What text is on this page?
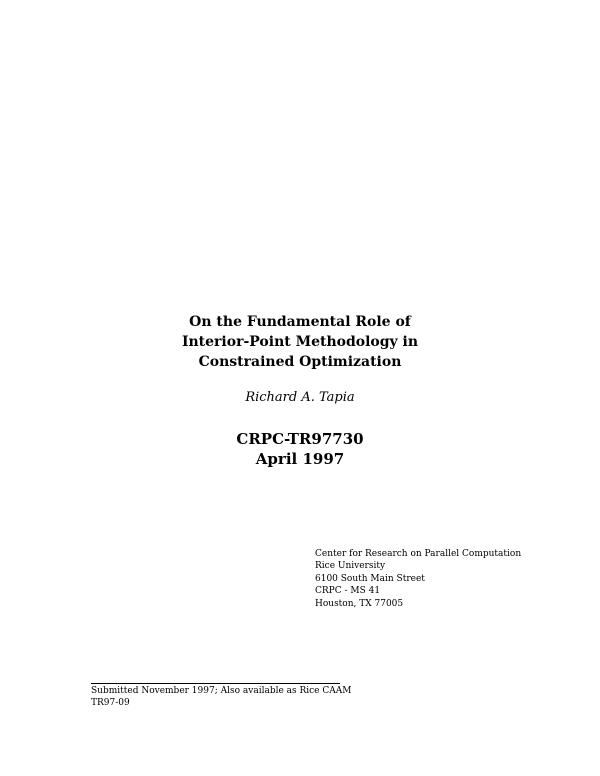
On the Fundamental Role of
Interior-Point Methodology in
Constrained Optimization
Richard A. Tapia
CRPC-TR97730
April 1997
Center for Research on Parallel Computation
Rice University
6100 South Main Street
CRPC - MS 41
Houston, TX 77005
Submitted November 1997; Also available as Rice CAAM
TR97-09
